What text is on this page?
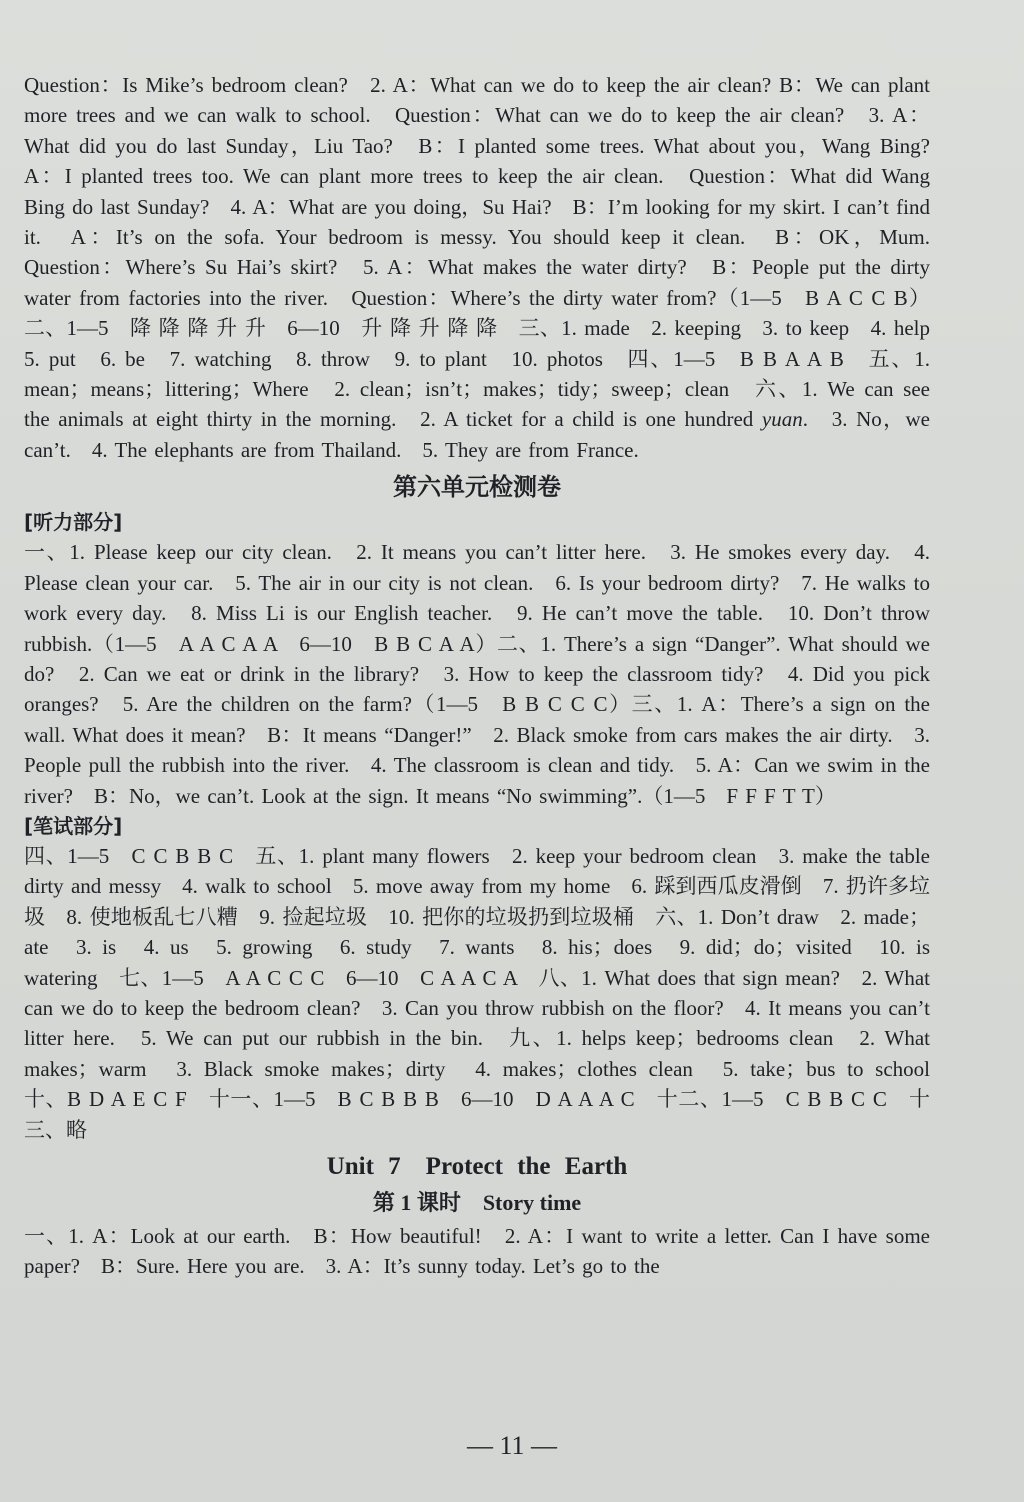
Question：Is Mike’s bedroom clean?　2. A：What can we do to keep the air clean? B：We can plant more trees and we can walk to school.　Question：What can we do to keep the air clean?　3. A：What did you do last Sunday，Liu Tao?　B：I planted some trees. What about you，Wang Bing?　A：I planted trees too. We can plant more trees to keep the air clean.　Question：What did Wang Bing do last Sunday?　4. A：What are you doing，Su Hai?　B：I’m looking for my skirt. I can’t find it.　A：It’s on the sofa. Your bedroom is messy. You should keep it clean.　B：OK，Mum.　Question：Where’s Su Hai’s skirt?　5. A：What makes the water dirty?　B：People put the dirty water from factories into the river.　Question：Where’s the dirty water from?（1—5　B A C C B）二、1—5　降 降 降 升 升　6—10　升 降 升 降 降　三、1. made　2. keeping　3. to keep　4. help　5. put　6. be　7. watching　8. throw　9. to plant　10. photos　四、1—5　B B A A B　五、1. mean；means；littering；Where　2. clean；isn’t；makes；tidy；sweep；clean　六、1. We can see the animals at eight thirty in the morning.　2. A ticket for a child is one hundred yuan.　3. No，we can’t.　4. The elephants are from Thailand.　5. They are from France.

第六单元检测卷
[听力部分]

一、1. Please keep our city clean.　2. It means you can’t litter here.　3. He smokes every day.　4. Please clean your car.　5. The air in our city is not clean.　6. Is your bedroom dirty?　7. He walks to work every day.　8. Miss Li is our English teacher.　9. He can’t move the table.　10. Don’t throw rubbish.（1—5　A A C A A　6—10　B B C A A）二、1. There’s a sign “Danger”. What should we do?　2. Can we eat or drink in the library?　3. How to keep the classroom tidy?　4. Did you pick oranges?　5. Are the children on the farm?（1—5　B B C C C）三、1. A：There’s a sign on the wall. What does it mean?　B：It means “Danger!”　2. Black smoke from cars makes the air dirty.　3. People pull the rubbish into the river.　4. The classroom is clean and tidy.　5. A：Can we swim in the river?　B：No，we can’t. Look at the sign. It means “No swimming”.（1—5　F F F T T）

[笔试部分]

四、1—5　C C B B C　五、1. plant many flowers　2. keep your bedroom clean　3. make the table dirty and messy　4. walk to school　5. move away from my home　6. 踩到西瓜皮滑倒　7. 扔许多垃圾　8. 使地板乱七八糟　9. 捡起垃圾　10. 把你的垃圾扔到垃圾桶　六、1. Don’t draw　2. made；ate　3. is　4. us　5. growing　6. study　7. wants　8. his；does　9. did；do；visited　10. is watering　七、1—5　A A C C C　6—10　C A A C A　八、1. What does that sign mean?　2. What can we do to keep the bedroom clean?　3. Can you throw rubbish on the floor?　4. It means you can’t litter here.　5. We can put our rubbish in the bin.　九、1. helps keep；bedrooms clean　2. What makes；warm　3. Black smoke makes；dirty　4. makes；clothes clean　5. take；bus to school　十、B D A E C F　十一、1—5　B C B B B　6—10　D A A A C　十二、1—5　C B B C C　十三、略

Unit 7　Protect the Earth
第 1 课时　Story time

一、1. A：Look at our earth.　B：How beautiful!　2. A：I want to write a letter. Can I have some paper?　B：Sure. Here you are.　3. A：It’s sunny today. Let’s go to the

— 11 —
